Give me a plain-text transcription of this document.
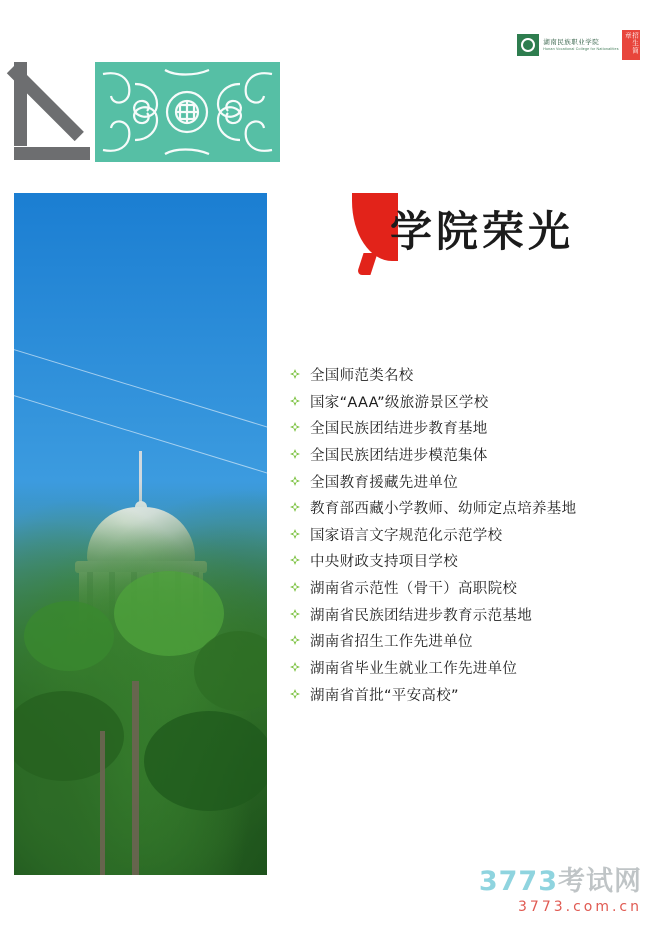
湖南民族职业学院
Hunan Vocational College for Nationalities	招生简章
学院荣光
全国师范类名校
国家“AAA”级旅游景区学校
全国民族团结进步教育基地
全国民族团结进步模范集体
全国教育援藏先进单位
教育部西藏小学教师、幼师定点培养基地
国家语言文字规范化示范学校
中央财政支持项目学校
湖南省示范性（骨干）高职院校
湖南省民族团结进步教育示范基地
湖南省招生工作先进单位
湖南省毕业生就业工作先进单位
湖南省首批“平安高校”
3773考试网
3773.com.cn
